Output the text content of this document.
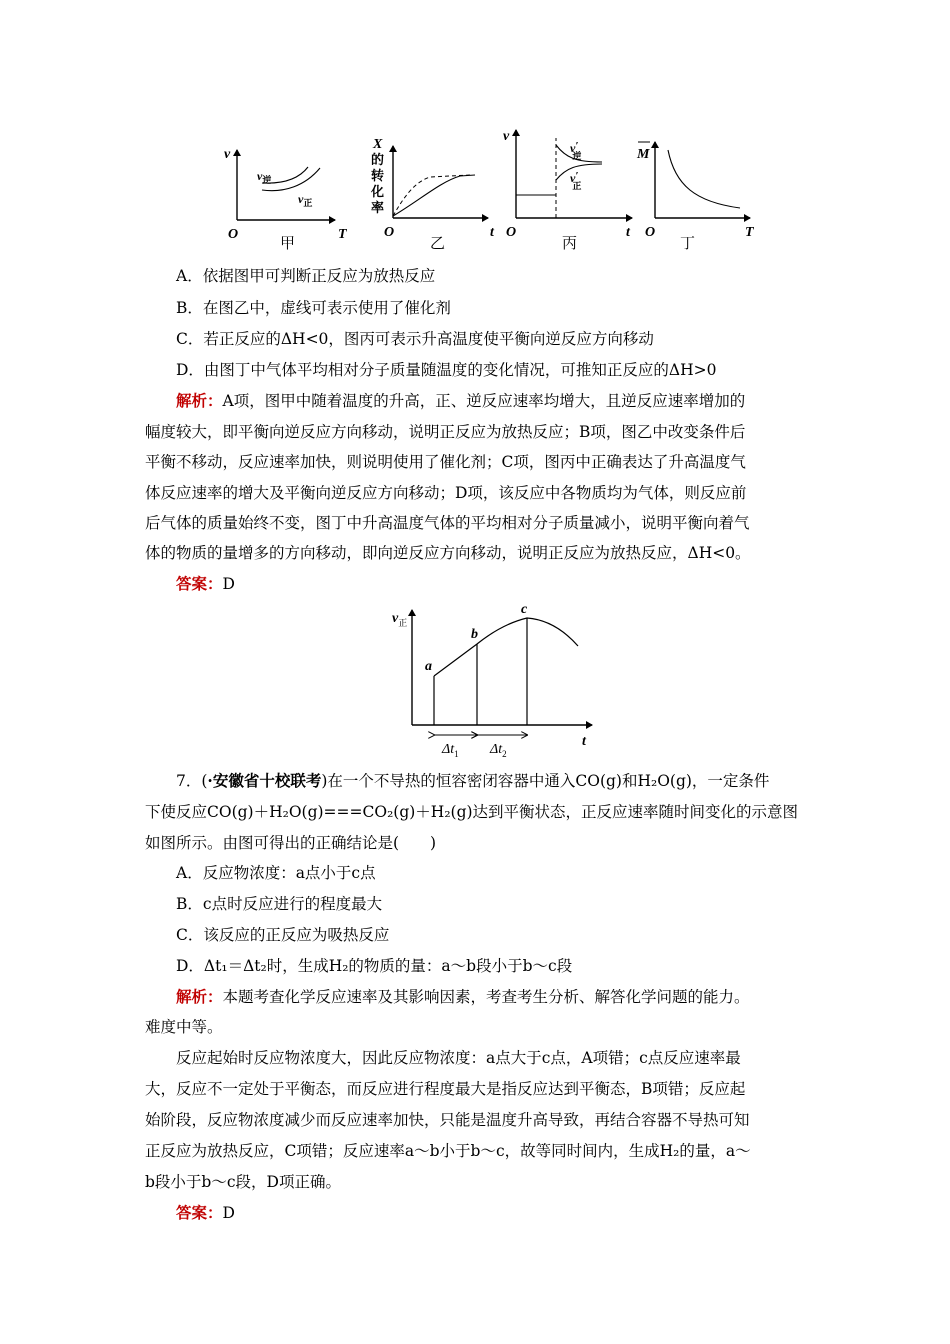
v
T
O
$v_逆$
$v_正$
甲
X
的
转
化
率
t
O
乙
v
t
O
v′逆
v′正
丙
M
T
O
丁
A．依据图甲可判断正反应为放热反应
B．在图乙中，虚线可表示使用了催化剂
C．若正反应的ΔH<0，图丙可表示升高温度使平衡向逆反应方向移动
D．由图丁中气体平均相对分子质量随温度的变化情况，可推知正反应的ΔH>0
解析：A项，图甲中随着温度的升高，正、逆反应速率均增大，且逆反应速率增加的
幅度较大，即平衡向逆反应方向移动，说明正反应为放热反应；B项，图乙中改变条件后
平衡不移动，反应速率加快，则说明使用了催化剂；C项，图丙中正确表达了升高温度气
体反应速率的增大及平衡向逆反应方向移动；D项，该反应中各物质均为气体，则反应前
后气体的质量始终不变，图丁中升高温度气体的平均相对分子质量减小，说明平衡向着气
体的物质的量增多的方向移动，即向逆反应方向移动，说明正反应为放热反应，ΔH<0。
答案：D
$v_正$
t
a
b
c
$\Delta t_1$ $\Delta t_2$
7．(·安徽省十校联考)在一个不导热的恒容密闭容器中通入CO(g)和H₂O(g)，一定条件
下使反应CO(g)＋H₂O(g)===CO₂(g)＋H₂(g)达到平衡状态，正反应速率随时间变化的示意图
如图所示。由图可得出的正确结论是(　　)
A．反应物浓度：a点小于c点
B．c点时反应进行的程度最大
C．该反应的正反应为吸热反应
D．Δt₁＝Δt₂时，生成H₂的物质的量：a～b段小于b～c段
解析：本题考查化学反应速率及其影响因素，考查考生分析、解答化学问题的能力。
难度中等。
反应起始时反应物浓度大，因此反应物浓度：a点大于c点，A项错；c点反应速率最
大，反应不一定处于平衡态，而反应进行程度最大是指反应达到平衡态，B项错；反应起
始阶段，反应物浓度减少而反应速率加快，只能是温度升高导致，再结合容器不导热可知
正反应为放热反应，C项错；反应速率a～b小于b～c，故等同时间内，生成H₂的量，a～
b段小于b～c段，D项正确。
答案：D
